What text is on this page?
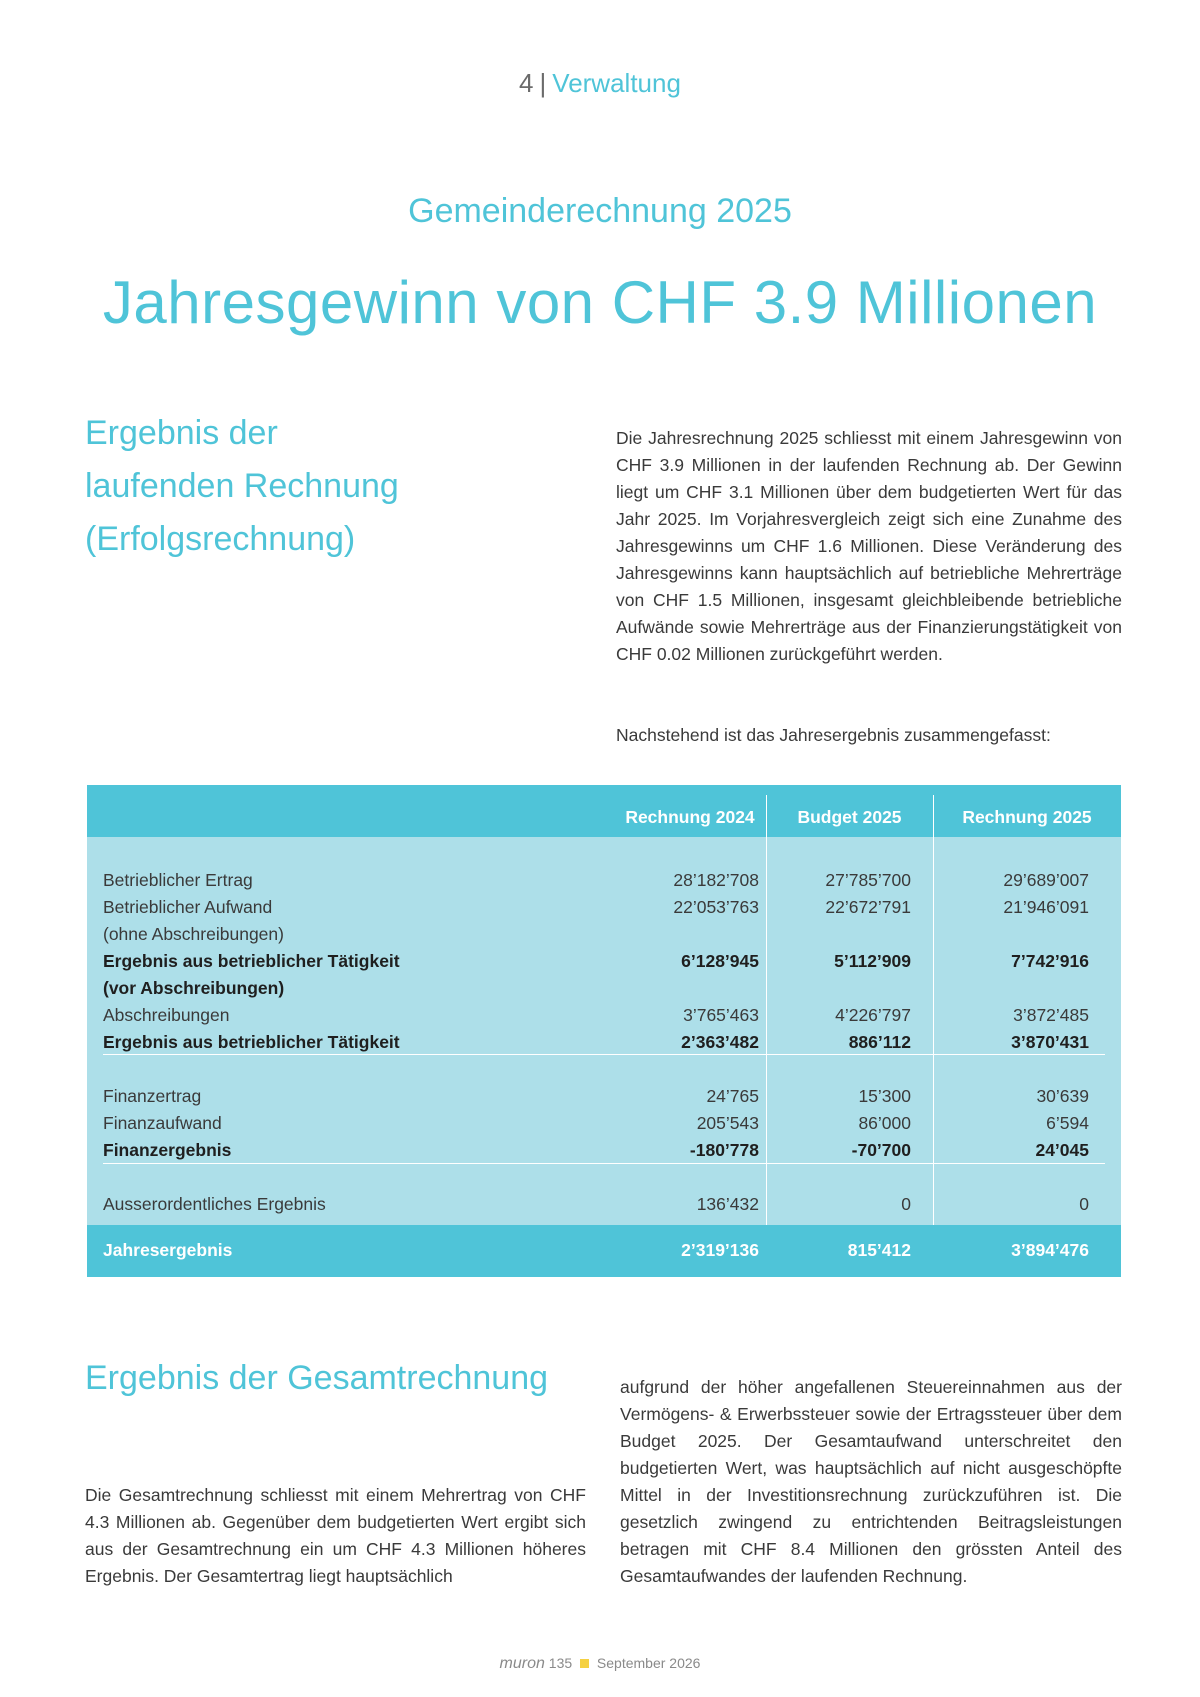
4 | Verwaltung
Gemeinderechnung 2025
Jahresgewinn von CHF 3.9 Millionen
Ergebnis der
laufenden Rechnung
(Erfolgsrechnung)

Die Jahresrechnung 2025 schliesst mit einem Jahresgewinn von CHF 3.9 Millionen in der laufenden Rechnung ab. Der Gewinn liegt um CHF 3.1 Millionen über dem budgetierten Wert für das Jahr 2025. Im Vorjahresvergleich zeigt sich eine Zunahme des Jahresgewinns um CHF 1.6 Millionen. Diese Veränderung des Jahresgewinns kann hauptsächlich auf betriebliche Mehrerträge von CHF 1.5 Millionen, insgesamt gleichbleibende betriebliche Aufwände sowie Mehrerträge aus der Finanzierungstätigkeit von CHF 0.02 Millionen zurückgeführt werden.

Nachstehend ist das Jahresergebnis zusammengefasst:

Rechnung 2024	Budget 2025	Rechnung 2025
Betrieblicher Ertrag	28’182’708	27’785’700	29’689’007
Betrieblicher Aufwand	22’053’763	22’672’791	21’946’091
(ohne Abschreibungen)
Ergebnis aus betrieblicher Tätigkeit	6’128’945	5’112’909	7’742’916
(vor Abschreibungen)
Abschreibungen	3’765’463	4’226’797	3’872’485
Ergebnis aus betrieblicher Tätigkeit	2’363’482	886’112	3’870’431
Finanzertrag	24’765	15’300	30’639
Finanzaufwand	205’543	86’000	6’594
Finanzergebnis	-180’778	-70’700	24’045
Ausserordentliches Ergebnis	136’432	0	0
Jahresergebnis	2’319’136	815’412	3’894’476
Ergebnis der Gesamtrechnung

Die Gesamtrechnung schliesst mit einem Mehrertrag von CHF 4.3 Millionen ab. Gegenüber dem budgetierten Wert ergibt sich aus der Gesamtrechnung ein um CHF 4.3 Millionen höheres Ergebnis. Der Gesamtertrag liegt hauptsächlich

aufgrund der höher angefallenen Steuereinnahmen aus der Vermögens- & Erwerbssteuer sowie der Ertragssteuer über dem Budget 2025. Der Gesamtaufwand unterschreitet den budgetierten Wert, was hauptsächlich auf nicht ausgeschöpfte Mittel in der Investitionsrechnung zurückzuführen ist. Die gesetzlich zwingend zu entrichtenden Beitragsleistungen betragen mit CHF 8.4 Millionen den grössten Anteil des Gesamtaufwandes der laufenden Rechnung.

muron 135 September 2026
